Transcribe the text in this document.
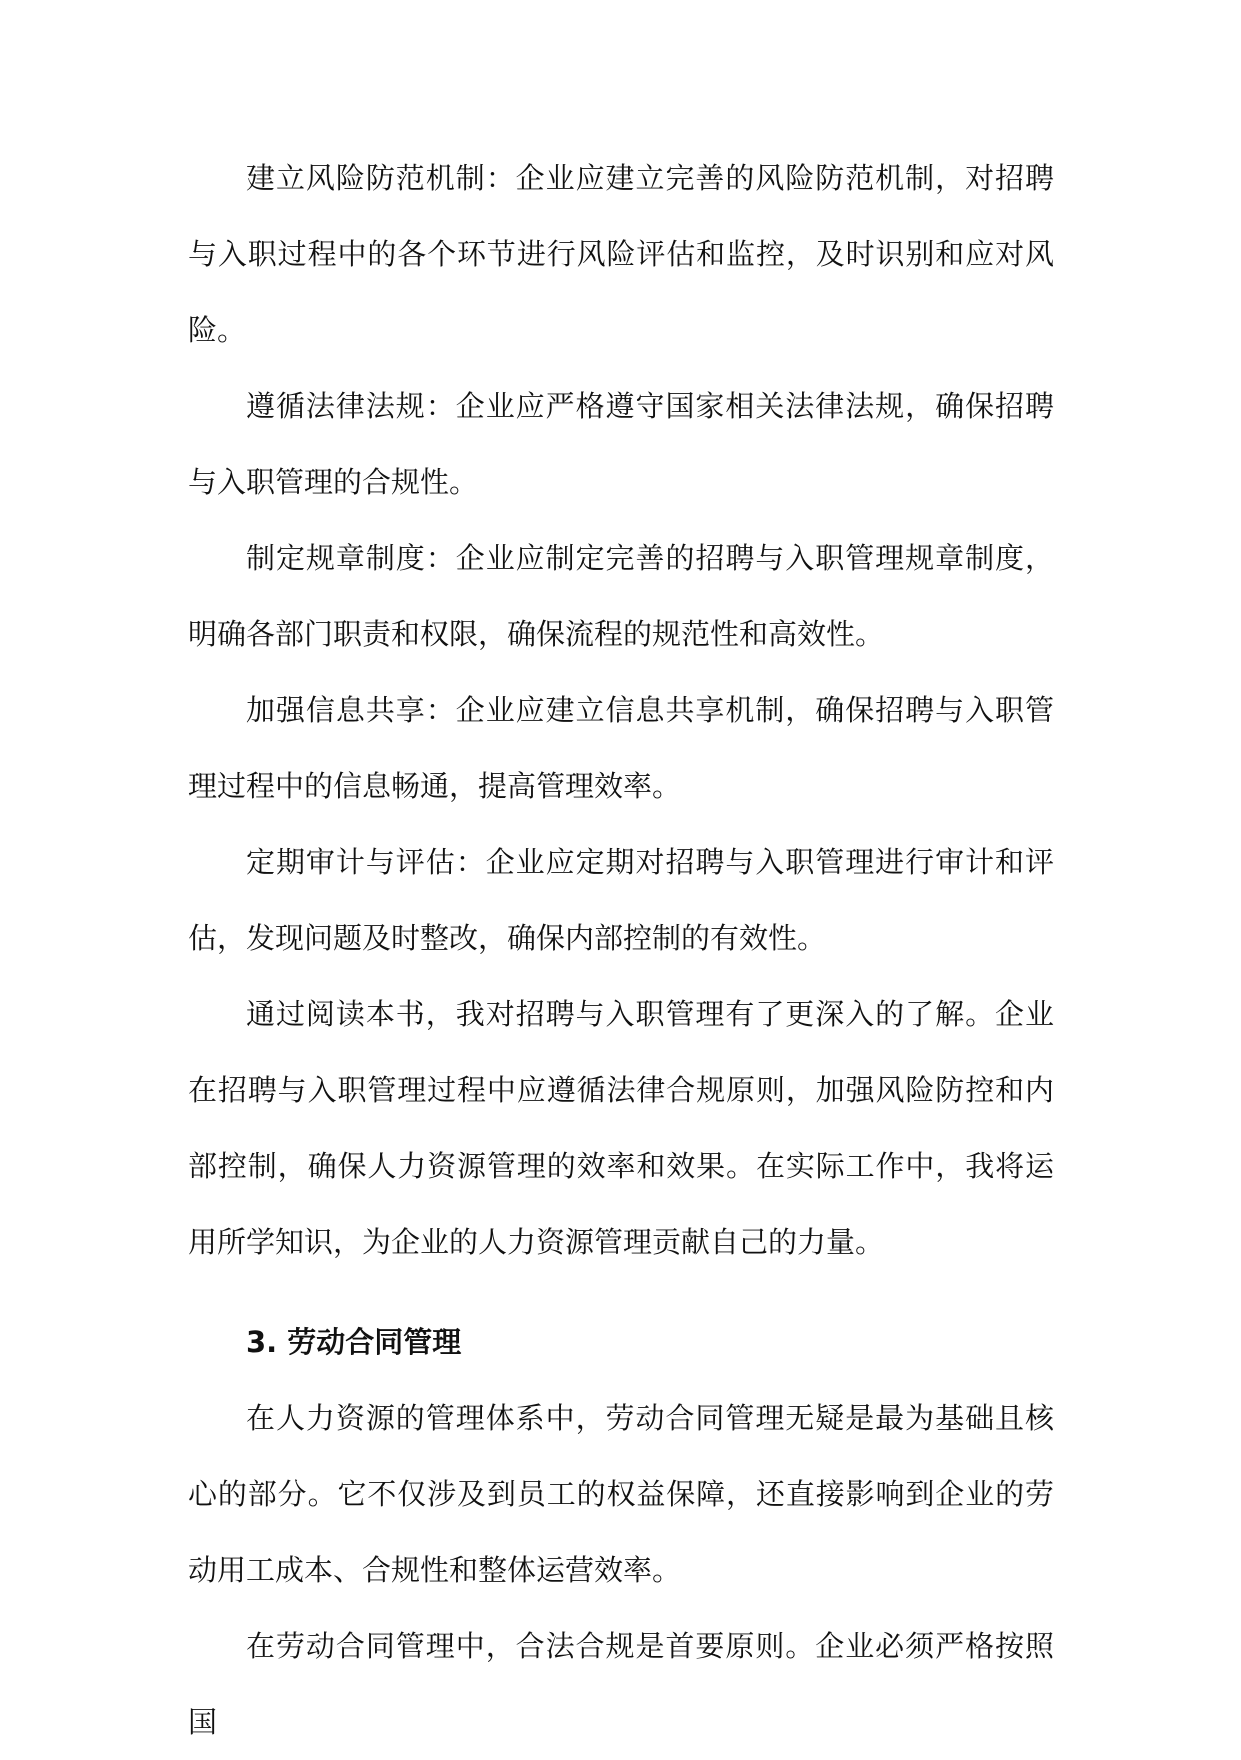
建立风险防范机制：企业应建立完善的风险防范机制，对招聘与入职过程中的各个环节进行风险评估和监控，及时识别和应对风险。

遵循法律法规：企业应严格遵守国家相关法律法规，确保招聘与入职管理的合规性。

制定规章制度：企业应制定完善的招聘与入职管理规章制度，明确各部门职责和权限，确保流程的规范性和高效性。

加强信息共享：企业应建立信息共享机制，确保招聘与入职管理过程中的信息畅通，提高管理效率。

定期审计与评估：企业应定期对招聘与入职管理进行审计和评估，发现问题及时整改，确保内部控制的有效性。

通过阅读本书，我对招聘与入职管理有了更深入的了解。企业在招聘与入职管理过程中应遵循法律合规原则，加强风险防控和内部控制，确保人力资源管理的效率和效果。在实际工作中，我将运用所学知识，为企业的人力资源管理贡献自己的力量。

3. 劳动合同管理

在人力资源的管理体系中，劳动合同管理无疑是最为基础且核心的部分。它不仅涉及到员工的权益保障，还直接影响到企业的劳动用工成本、合规性和整体运营效率。

在劳动合同管理中，合法合规是首要原则。企业必须严格按照国
